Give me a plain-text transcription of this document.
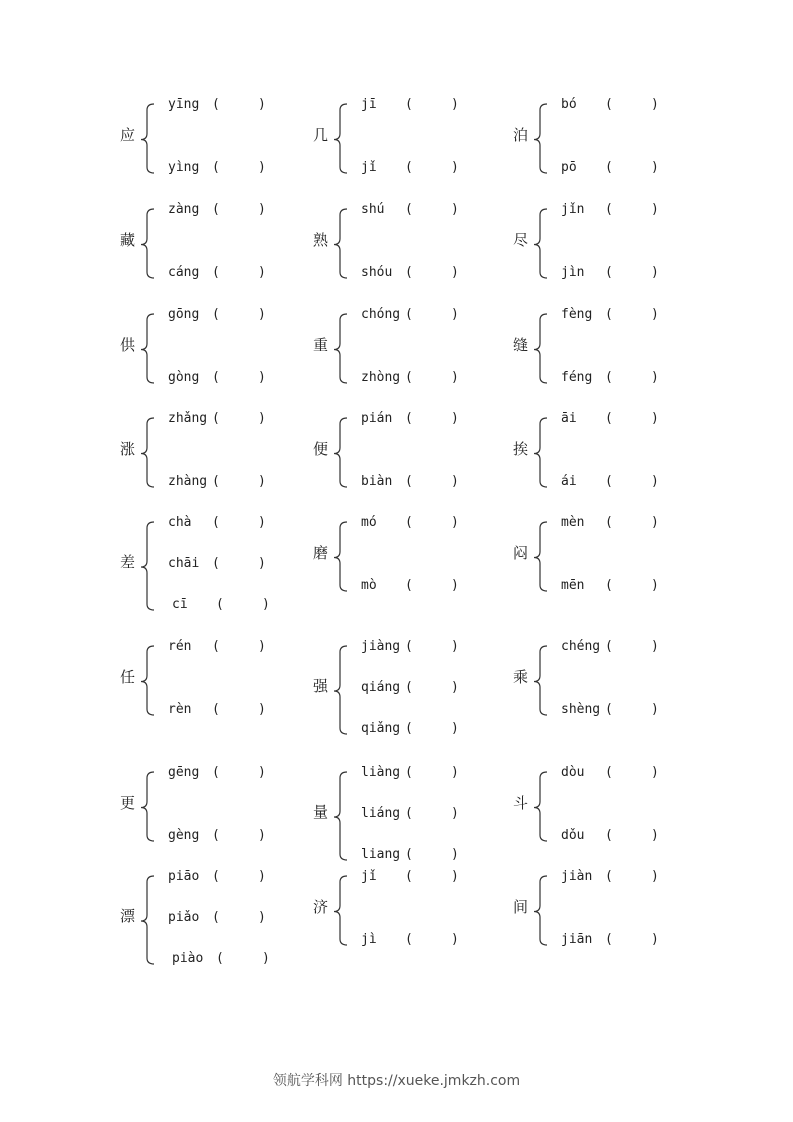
应
yīng (	)
yìng (	)
几
jī (	)
jǐ (	)
泊
bó (	)
pō (	)
藏
zàng (	)
cáng (	)
熟
shú (	)
shóu (	)
尽
jǐn (	)
jìn (	)
供
gōng (	)
gòng (	)
重
chóng (	)
zhòng (	)
缝
fèng (	)
féng (	)
涨
zhǎng (	)
zhàng (	)
便
pián (	)
biàn (	)
挨
āi (	)
ái (	)
差
chà (	)
chāi (	)
cī (	)
磨
mó (	)
mò (	)
闷
mèn (	)
mēn (	)
任
rén (	)
rèn (	)
强
jiàng (	)
qiáng (	)
qiǎng (	)
乘
chéng (	)
shèng (	)
更
gēng (	)
gèng (	)
量
liàng (	)
liáng (	)
liang (	)
斗
dòu (	)
dǒu (	)
漂
piāo (	)
piǎo (	)
piào (	)
济
jǐ (	)
jì (	)
间
jiàn (	)
jiān (	)
领航学科网 https://xueke.jmkzh.com
